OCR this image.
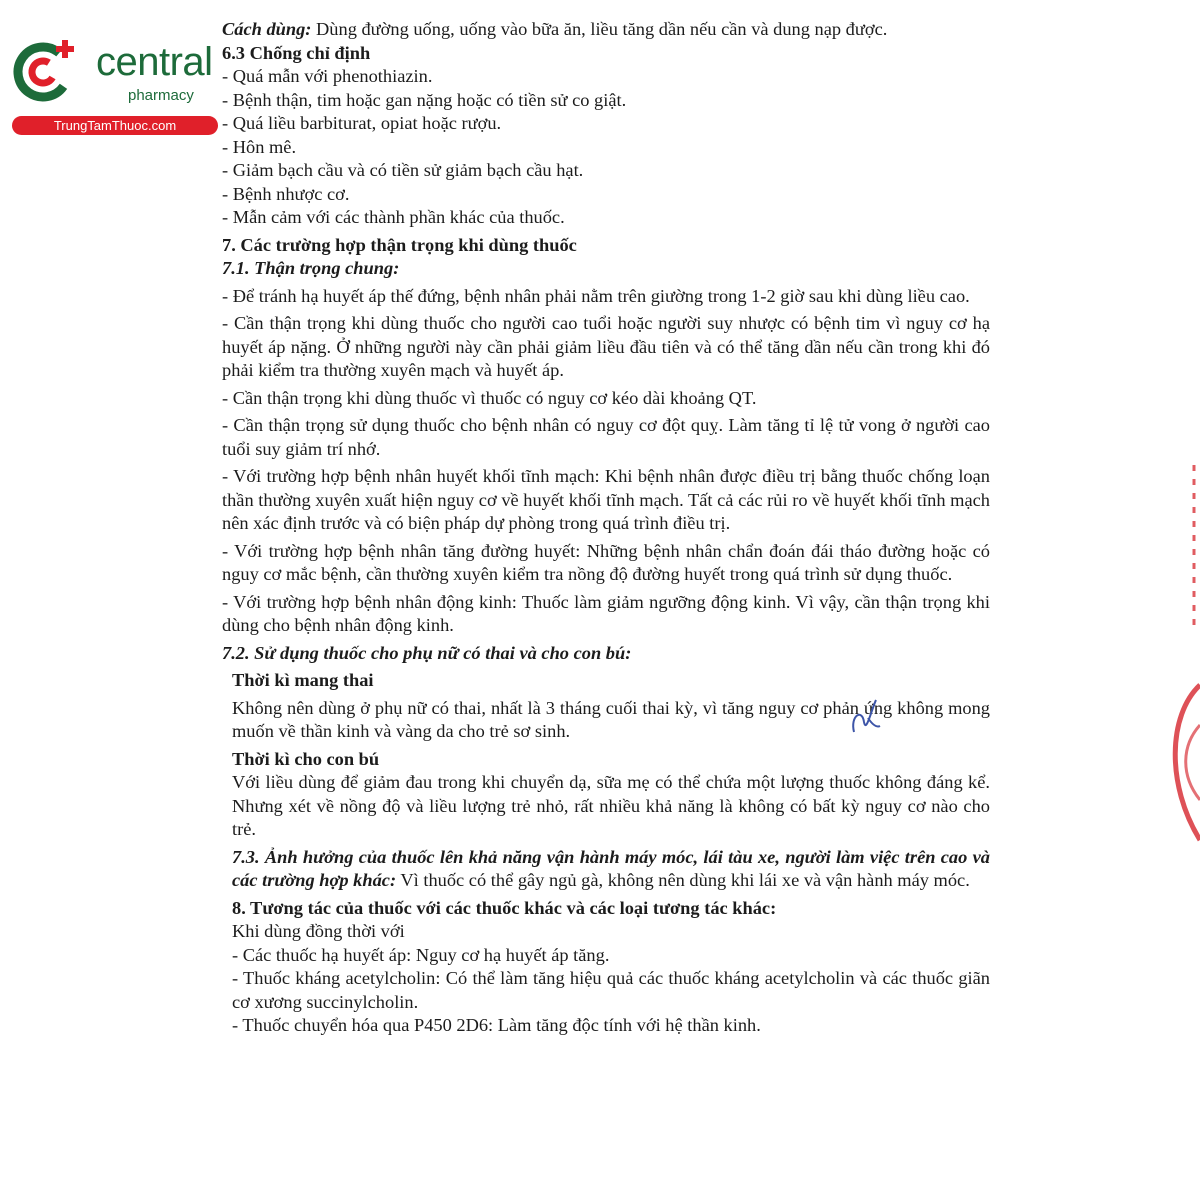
central
pharmacy
TrungTamThuoc.com

Cách dùng: Dùng đường uống, uống vào bữa ăn, liều tăng dần nếu cần và dung nạp được.

6.3 Chống chỉ định

- Quá mẫn với phenothiazin.

- Bệnh thận, tim hoặc gan nặng hoặc có tiền sử co giật.

- Quá liều barbiturat, opiat hoặc rượu.

- Hôn mê.

- Giảm bạch cầu và có tiền sử giảm bạch cầu hạt.

- Bệnh nhược cơ.

- Mẫn cảm với các thành phần khác của thuốc.

7. Các trường hợp thận trọng khi dùng thuốc

7.1. Thận trọng chung:

- Để tránh hạ huyết áp thế đứng, bệnh nhân phải nằm trên giường trong 1-2 giờ sau khi dùng liều cao.

- Cần thận trọng khi dùng thuốc cho người cao tuổi hoặc người suy nhược có bệnh tim vì nguy cơ hạ huyết áp nặng. Ở những người này cần phải giảm liều đầu tiên và có thể tăng dần nếu cần trong khi đó phải kiểm tra thường xuyên mạch và huyết áp.

- Cần thận trọng khi dùng thuốc vì thuốc có nguy cơ kéo dài khoảng QT.

- Cần thận trọng sử dụng thuốc cho bệnh nhân có nguy cơ đột quỵ. Làm tăng tỉ lệ tử vong ở người cao tuổi suy giảm trí nhớ.

- Với trường hợp bệnh nhân huyết khối tĩnh mạch: Khi bệnh nhân được điều trị bằng thuốc chống loạn thần thường xuyên xuất hiện nguy cơ về huyết khối tĩnh mạch. Tất cả các rủi ro về huyết khối tĩnh mạch nên xác định trước và có biện pháp dự phòng trong quá trình điều trị.

- Với trường hợp bệnh nhân tăng đường huyết: Những bệnh nhân chẩn đoán đái tháo đường hoặc có nguy cơ mắc bệnh, cần thường xuyên kiểm tra nồng độ đường huyết trong quá trình sử dụng thuốc.

- Với trường hợp bệnh nhân động kinh: Thuốc làm giảm ngưỡng động kinh. Vì vậy, cần thận trọng khi dùng cho bệnh nhân động kinh.

7.2. Sử dụng thuốc cho phụ nữ có thai và cho con bú:

Thời kì mang thai

Không nên dùng ở phụ nữ có thai, nhất là 3 tháng cuối thai kỳ, vì tăng nguy cơ phản ứng không mong muốn về thần kinh và vàng da cho trẻ sơ sinh.

Thời kì cho con bú

Với liều dùng để giảm đau trong khi chuyển dạ, sữa mẹ có thể chứa một lượng thuốc không đáng kể. Nhưng xét về nồng độ và liều lượng trẻ nhỏ, rất nhiều khả năng là không có bất kỳ nguy cơ nào cho trẻ.

7.3. Ảnh hưởng của thuốc lên khả năng vận hành máy móc, lái tàu xe, người làm việc trên cao và các trường hợp khác: Vì thuốc có thể gây ngủ gà, không nên dùng khi lái xe và vận hành máy móc.

8. Tương tác của thuốc với các thuốc khác và các loại tương tác khác:

Khi dùng đồng thời với

- Các thuốc hạ huyết áp: Nguy cơ hạ huyết áp tăng.

- Thuốc kháng acetylcholin: Có thể làm tăng hiệu quả các thuốc kháng acetylcholin và các thuốc giãn cơ xương succinylcholin.

- Thuốc chuyển hóa qua P450 2D6: Làm tăng độc tính với hệ thần kinh.
